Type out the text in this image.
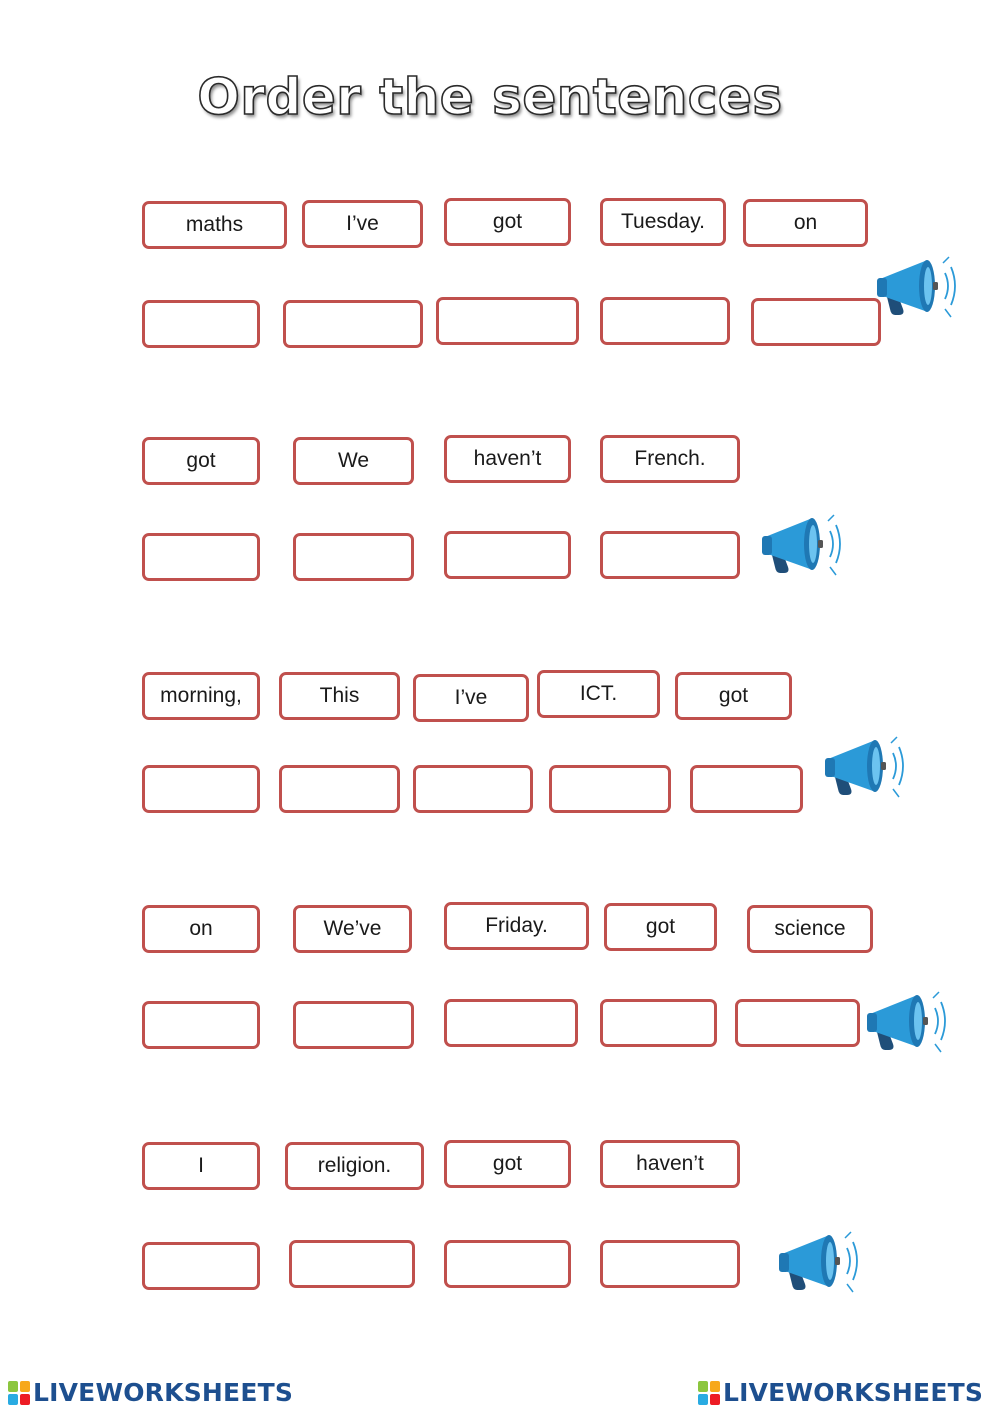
Order the sentences
maths	I’ve	got	Tuesday.	on
got	We	haven’t	French.
morning,	This	I’ve	ICT.	got
on	We’ve	Friday.	got	science
I	religion.	got	haven’t
LIVEWORKSHEETS	LIVEWORKSHEETS
